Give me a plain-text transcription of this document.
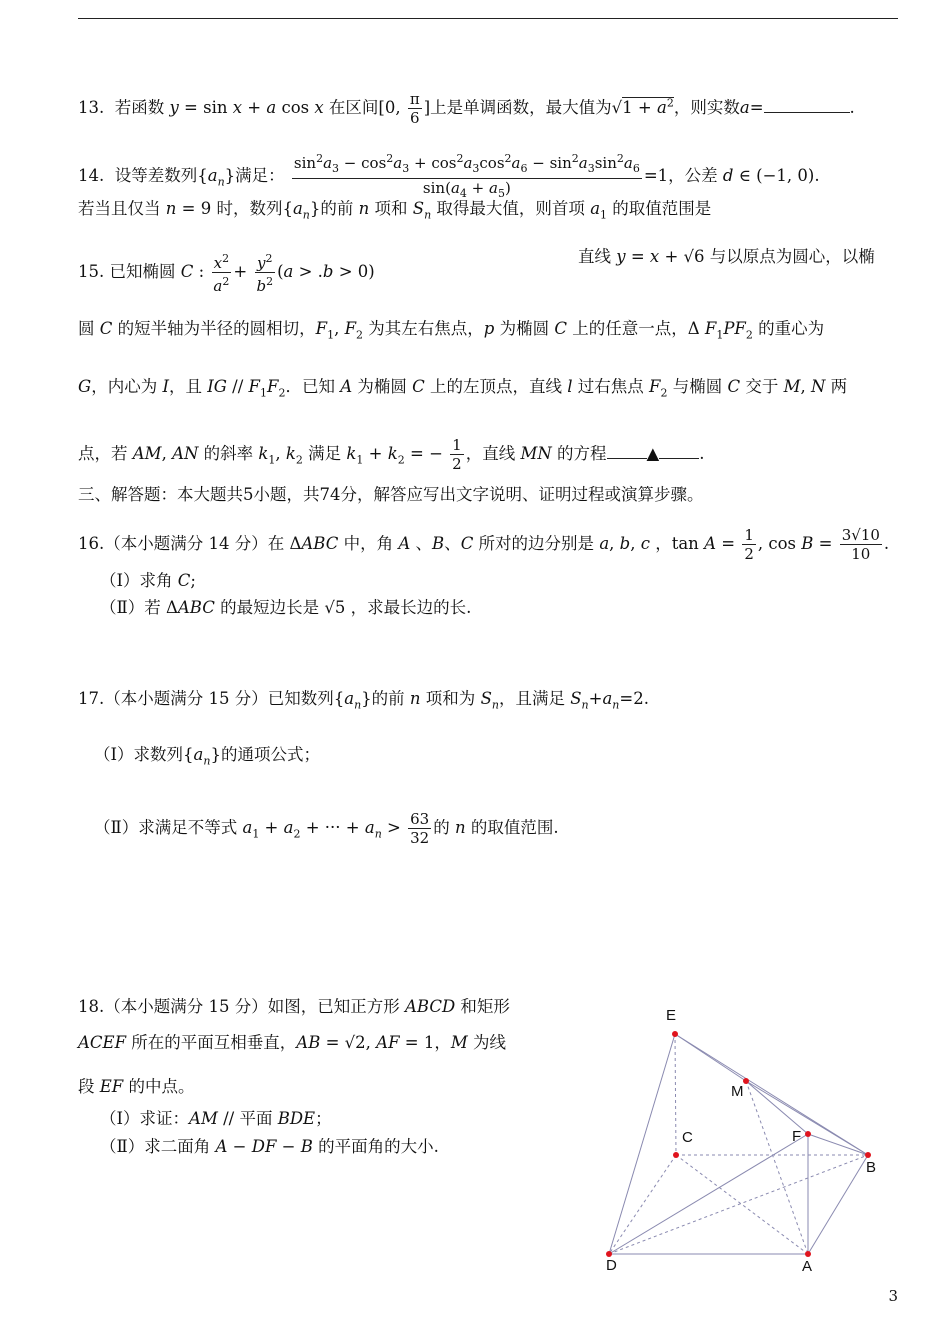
13.  若函数 y = sin x + a cos x 在区间[0, $\frac{\pi}{6}$ ]上是单调函数，最大值为$√1 + a^2$，则实数a=	.
14.  设等差数列$\{a_n\}$满足： $\frac{\sin^2a_3 - \cos^2a_3 + \cos^2a_3\cos^2a_6 - \sin^2a_3\sin^2a_6}{\sin(a_4 + a_5)} =1$，公差 d ∈ (−1, 0).
若当且仅当 n = 9 时，数列$\{a_n\}$的前 n 项和 $S_n$ 取得最大值，则首项 $a_1$ 的取值范围是
15. 已知椭圆 C : $\frac{x^2}{a^2} + \frac{y^2}{b^2} (a > .b > 0)$
直线 y = x + √6 与以原点为圆心，以椭
圆 C 的短半轴为半径的圆相切，$F_1$, $F_2$ 为其左右焦点，p 为椭圆 C 上的任意一点，Δ $F_1PF_2$ 的重心为
G，内心为 I，且 IG // $F_1F_2$．已知 A 为椭圆 C 上的左顶点，直线 l 过右焦点 $F_2$ 与椭圆 C 交于 M, N 两
点，若 AM, AN 的斜率 $k_1$, $k_2$ 满足 $k_1 + k_2$ = − $\frac{1}{2}$ ，直线 MN 的方程 ▲ .
三、解答题：本大题共5小题，共74分，解答应写出文字说明、证明过程或演算步骤。
16.（本小题满分 14 分）在 ΔABC 中，角 A 、B、C 所对的边分别是 a, b, c ，$\tan A = \frac{1}{2}$ , $\cos B = \frac{3√10}{10}$ .
（Ⅰ）求角 C;
（Ⅱ）若 ΔABC 的最短边长是 √5 ，求最长边的长.
17.（本小题满分 15 分）已知数列$\{a_n\}$的前 n 项和为 $S_n$，且满足 $S_n+a_n=2$.
（Ⅰ）求数列$\{a_n\}$的通项公式；
（Ⅱ）求满足不等式 $a_1 + a_2$ + ··· + $a_n > \frac{63}{32}$ 的 n 的取值范围.
18.（本小题满分 15 分）如图，已知正方形 ABCD 和矩形
ACEF 所在的平面互相垂直，AB = √2, AF = 1，M 为线
段 EF 的中点。
（Ⅰ）求证：AM // 平面 BDE；
（Ⅱ）求二面角 A − DF − B 的平面角的大小.
E
M
C	F
B
D	A
3
